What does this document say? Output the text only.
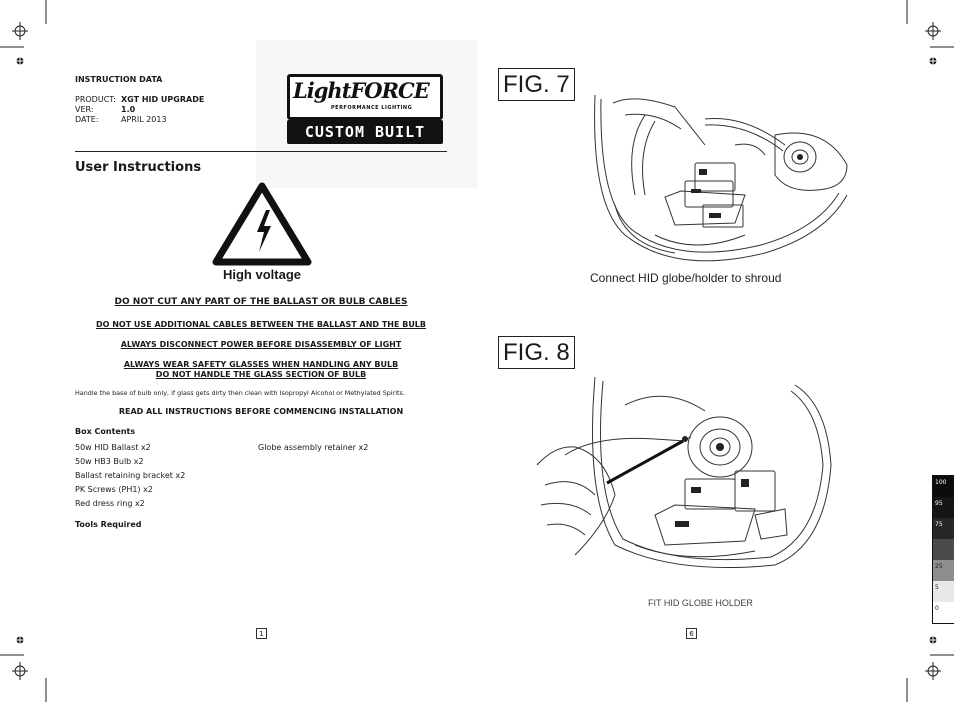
INSTRUCTION DATA
PRODUCT: XGT HID UPGRADE
VER:	1.0
DATE:	APRIL 2013
LightFORCE
PERFORMANCE LIGHTING
CUSTOM BUILT
User Instructions
High voltage
DO NOT CUT ANY PART OF THE BALLAST OR BULB CABLES
DO NOT USE ADDITIONAL CABLES BETWEEN THE BALLAST AND THE BULB
ALWAYS DISCONNECT POWER BEFORE DISASSEMBLY OF LIGHT
ALWAYS WEAR SAFETY GLASSES WHEN HANDLING ANY BULB
DO NOT HANDLE THE GLASS SECTION OF BULB
Handle the base of bulb only, if glass gets dirty then clean with Isopropyl Alcohol or Methylated Spirits.
READ ALL INSTRUCTIONS BEFORE COMMENCING INSTALLATION
Box Contents
50w HID Ballast x2
50w HB3 Bulb x2
Ballast retaining bracket x2
PK Screws (PH1) x2
Red dress ring x2
Globe assembly retainer x2
Tools Required
1
FIG. 7
Connect HID globe/holder to shroud
FIG. 8
FIT HID GLOBE HOLDER
6
100
95
75
25
5
0
